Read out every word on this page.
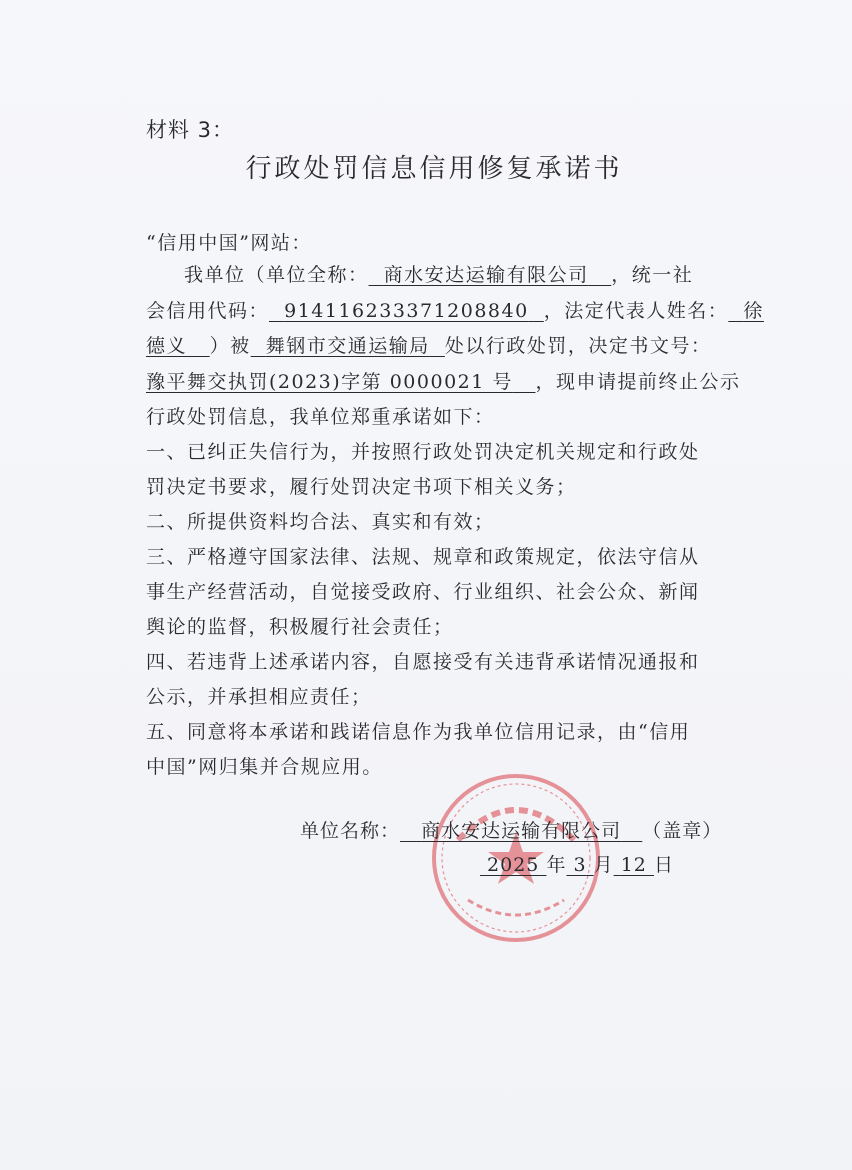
材料 3：
行政处罚信息信用修复承诺书
“信用中国”网站：
我单位（单位全称： 商水安达运输有限公司 ，统一社
会信用代码： 914116233371208840 ，法定代表人姓名： 徐
德义 ）被 舞钢市交通运输局 处以行政处罚，决定书文号：
豫平舞交执罚(2023)字第 0000021 号 ，现申请提前终止公示
行政处罚信息，我单位郑重承诺如下：
一、已纠正失信行为，并按照行政处罚决定机关规定和行政处
罚决定书要求，履行处罚决定书项下相关义务；
二、所提供资料均合法、真实和有效；
三、严格遵守国家法律、法规、规章和政策规定，依法守信从
事生产经营活动，自觉接受政府、行业组织、社会公众、新闻
舆论的监督，积极履行社会责任；
四、若违背上述承诺内容，自愿接受有关违背承诺情况通报和
公示，并承担相应责任；
五、同意将本承诺和践诺信息作为我单位信用记录，由“信用
中国”网归集并合规应用。
单位名称： 商水安达运输有限公司 （盖章）
2025 年 3 月 12 日
